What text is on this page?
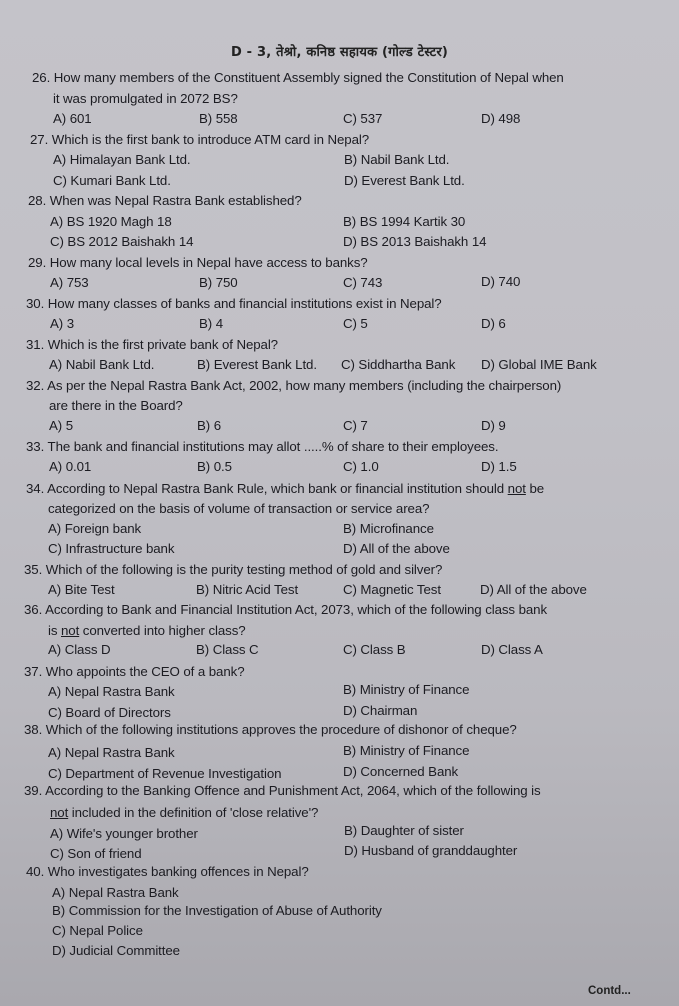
D - 3, तेश्रो, कनिष्ठ सहायक (गोल्ड टेस्टर)
26. How many members of the Constituent Assembly signed the Constitution of Nepal when
it was promulgated in 2072 BS?
A) 601	B) 558	C) 537	D) 498
27. Which is the first bank to introduce ATM card in Nepal?
A) Himalayan Bank Ltd.	B) Nabil Bank Ltd.
C) Kumari Bank Ltd.	D) Everest Bank Ltd.
28. When was Nepal Rastra Bank established?
A) BS 1920 Magh 18	B) BS 1994 Kartik 30
C) BS 2012 Baishakh 14	D) BS 2013 Baishakh 14
29. How many local levels in Nepal have access to banks?
A) 753	B) 750	C) 743	D) 740
30. How many classes of banks and financial institutions exist in Nepal?
A) 3	B) 4	C) 5	D) 6
31. Which is the first private bank of Nepal?
A) Nabil Bank Ltd.	B) Everest Bank Ltd. C) Siddhartha Bank D) Global IME Bank
32. As per the Nepal Rastra Bank Act, 2002, how many members (including the chairperson)
are there in the Board?
A) 5	B) 6	C) 7	D) 9
33. The bank and financial institutions may allot .....% of share to their employees.
A) 0.01	B) 0.5	C) 1.0	D) 1.5
34. According to Nepal Rastra Bank Rule, which bank or financial institution should not be
categorized on the basis of volume of transaction or service area?
A) Foreign bank	B) Microfinance
C) Infrastructure bank	D) All of the above
35. Which of the following is the purity testing method of gold and silver?
A) Bite Test	B) Nitric Acid Test	C) Magnetic Test	D) All of the above
36. According to Bank and Financial Institution Act, 2073, which of the following class bank
is not converted into higher class?
A) Class D	B) Class C	C) Class B	D) Class A
37. Who appoints the CEO of a bank?
A) Nepal Rastra Bank	B) Ministry of Finance
C) Board of Directors	D) Chairman
38. Which of the following institutions approves the procedure of dishonor of cheque?
A) Nepal Rastra Bank	B) Ministry of Finance
C) Department of Revenue Investigation	D) Concerned Bank
39. According to the Banking Offence and Punishment Act, 2064, which of the following is
not included in the definition of 'close relative'?
A) Wife's younger brother	B) Daughter of sister
C) Son of friend	D) Husband of granddaughter
40. Who investigates banking offences in Nepal?
A) Nepal Rastra Bank
B) Commission for the Investigation of Abuse of Authority
C) Nepal Police
D) Judicial Committee
Contd...
